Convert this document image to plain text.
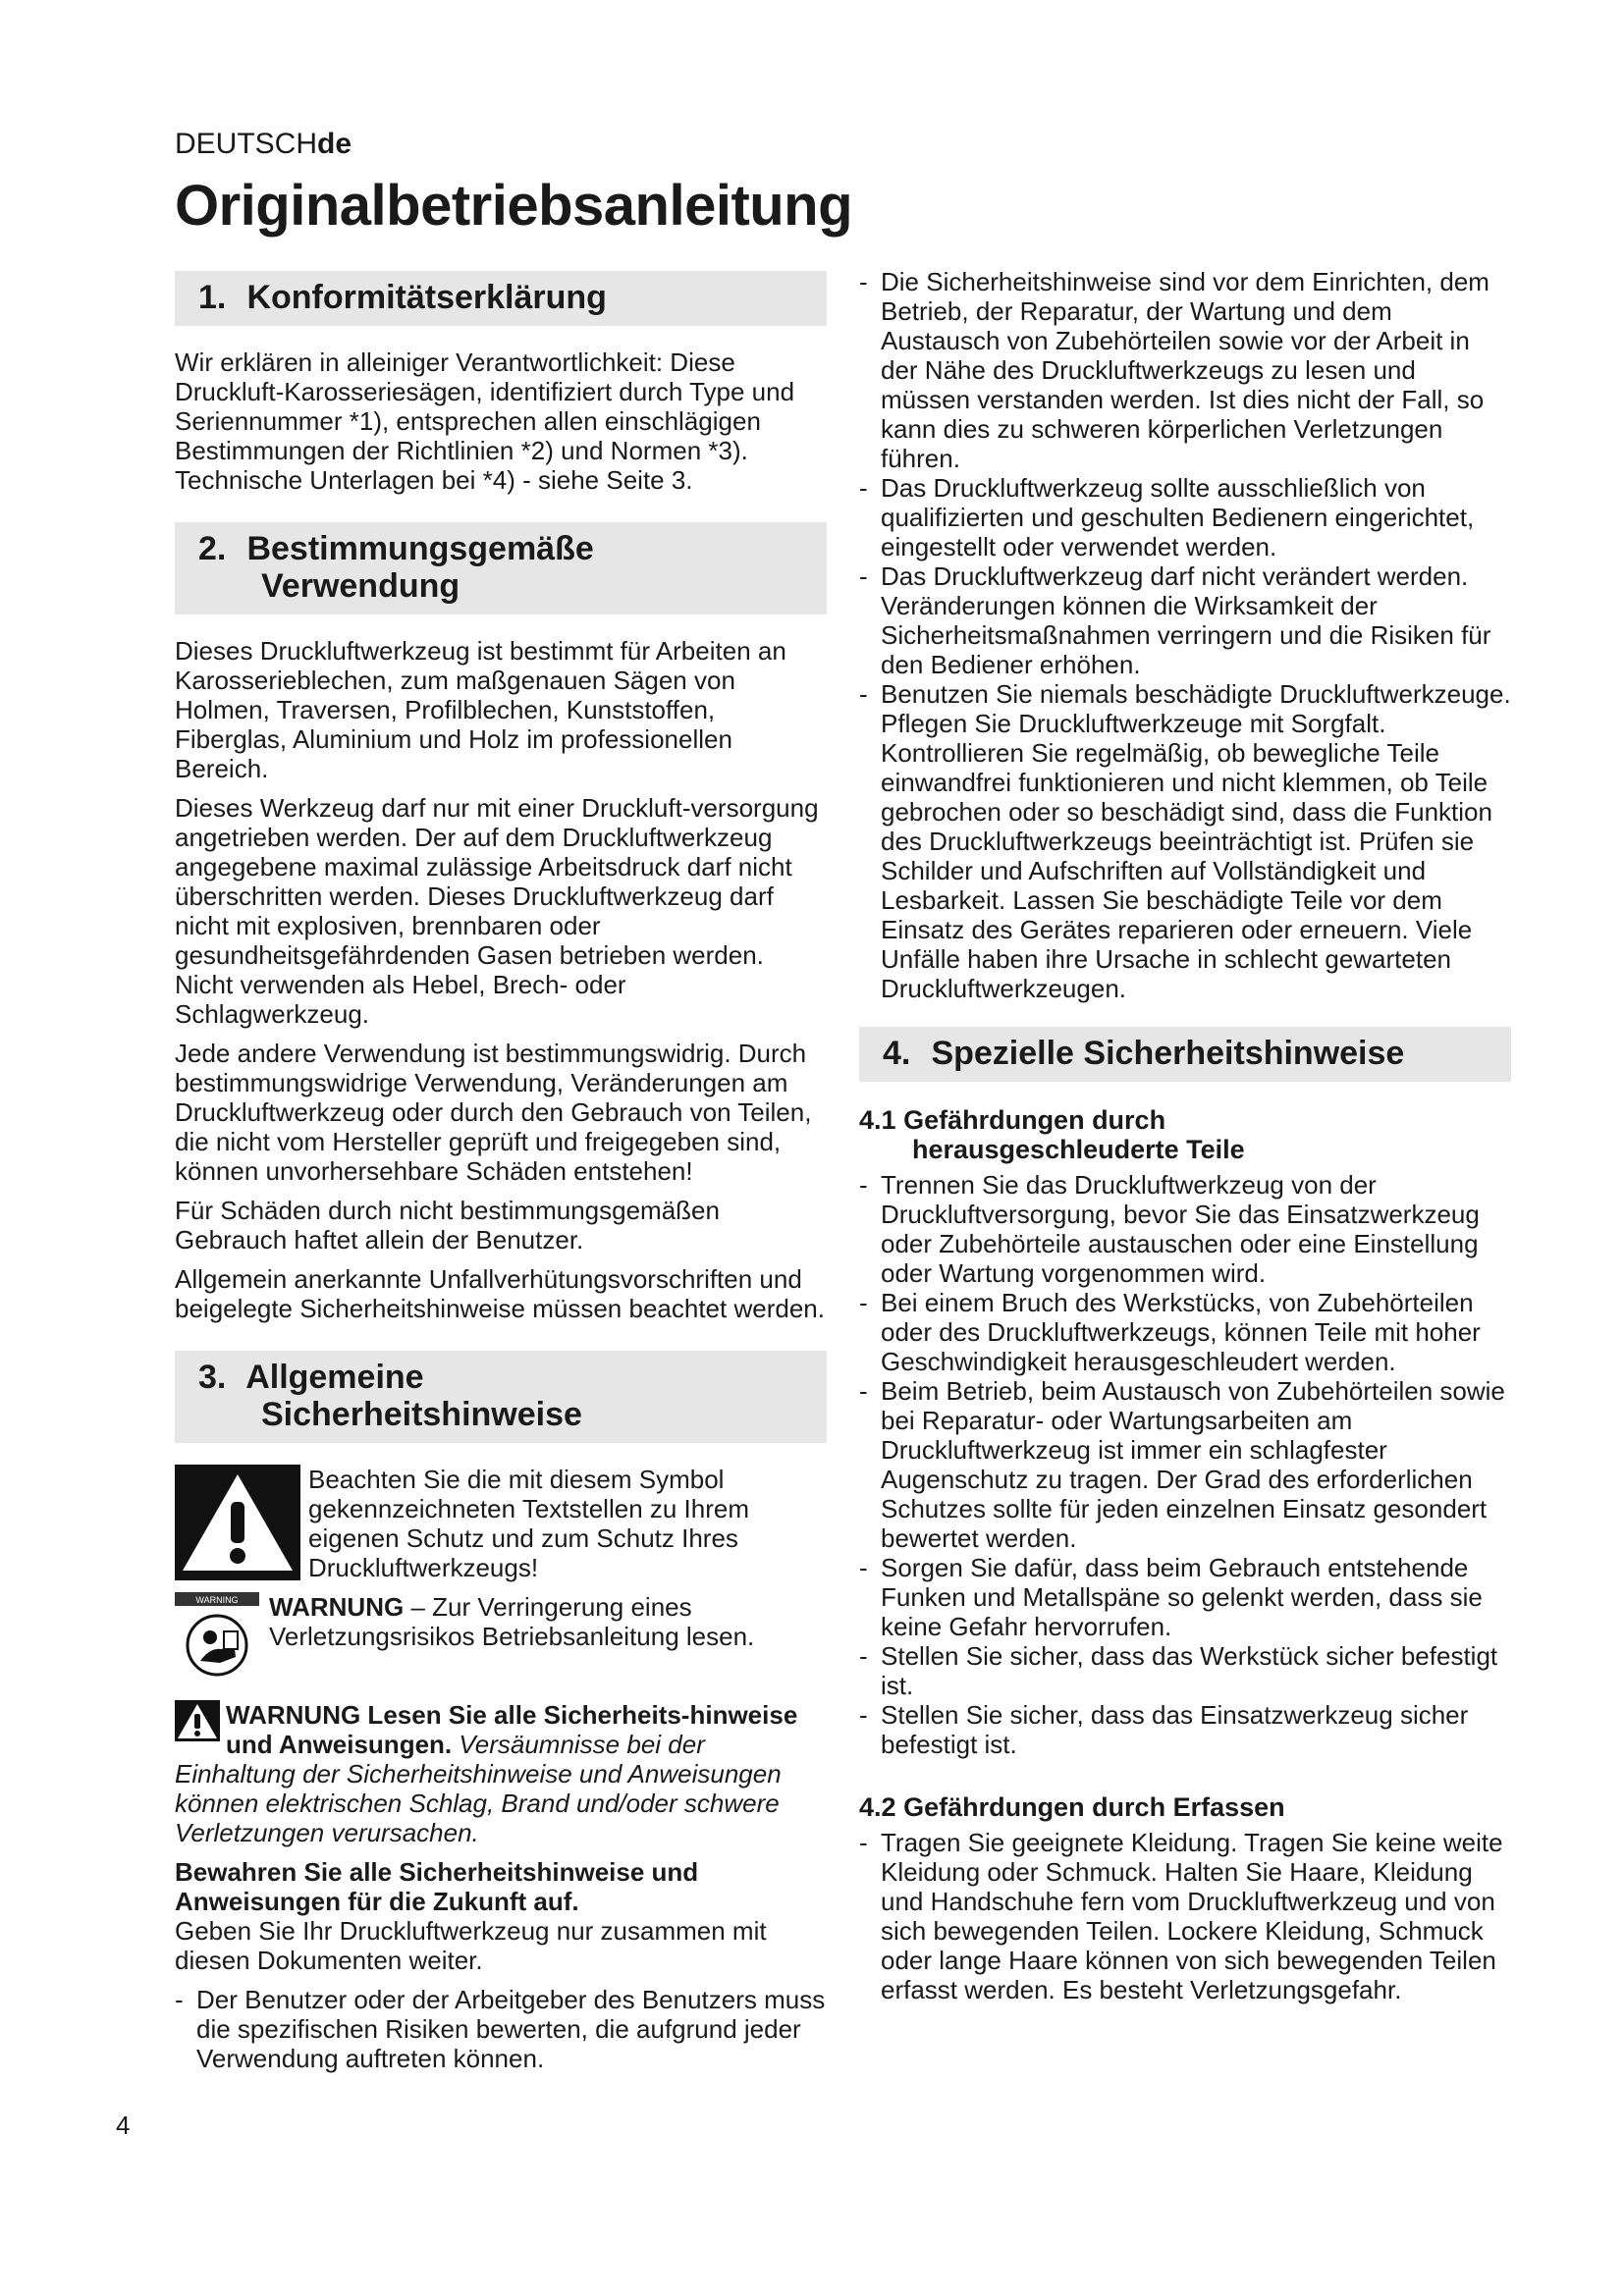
DEUTSCHde
Originalbetriebsanleitung
1. Konformitätserklärung

Wir erklären in alleiniger Verantwortlichkeit: Diese Druckluft-Karosseriesägen, identifiziert durch Type und Seriennummer *1), entsprechen allen einschlägigen Bestimmungen der Richtlinien *2) und Normen *3). Technische Unterlagen bei *4) - siehe Seite 3.

2. Bestimmungsgemäße
Verwendung

Dieses Druckluftwerkzeug ist bestimmt für Arbeiten an Karosserieblechen, zum maßgenauen Sägen von Holmen, Traversen, Profilblechen, Kunststoffen, Fiberglas, Aluminium und Holz im professionellen Bereich.

Dieses Werkzeug darf nur mit einer Druckluft-versorgung angetrieben werden. Der auf dem Druckluftwerkzeug angegebene maximal zulässige Arbeitsdruck darf nicht überschritten werden. Dieses Druckluftwerkzeug darf nicht mit explosiven, brennbaren oder gesundheitsgefährdenden Gasen betrieben werden. Nicht verwenden als Hebel, Brech- oder Schlagwerkzeug.

Jede andere Verwendung ist bestimmungswidrig. Durch bestimmungswidrige Verwendung, Veränderungen am Druckluftwerkzeug oder durch den Gebrauch von Teilen, die nicht vom Hersteller geprüft und freigegeben sind, können unvorhersehbare Schäden entstehen!

Für Schäden durch nicht bestimmungsgemäßen Gebrauch haftet allein der Benutzer.

Allgemein anerkannte Unfallverhütungsvorschriften und beigelegte Sicherheitshinweise müssen beachtet werden.

3. Allgemeine
Sicherheitshinweise
Beachten Sie die mit diesem Symbol gekennzeichneten Textstellen zu Ihrem eigenen Schutz und zum Schutz Ihres Druckluftwerkzeugs!
WARNING WARNUNG – Zur Verringerung eines Verletzungsrisikos Betriebsanleitung lesen.
WARNUNG Lesen Sie alle Sicherheits-hinweise und Anweisungen. Versäumnisse bei der Einhaltung der Sicherheitshinweise und Anweisungen können elektrischen Schlag, Brand und/oder schwere Verletzungen verursachen.

Bewahren Sie alle Sicherheitshinweise und Anweisungen für die Zukunft auf.

Geben Sie Ihr Druckluftwerkzeug nur zusammen mit diesen Dokumenten weiter.

- Der Benutzer oder der Arbeitgeber des Benutzers muss die spezifischen Risiken bewerten, die aufgrund jeder Verwendung auftreten können.
- Die Sicherheitshinweise sind vor dem Einrichten, dem Betrieb, der Reparatur, der Wartung und dem Austausch von Zubehörteilen sowie vor der Arbeit in der Nähe des Druckluftwerkzeugs zu lesen und müssen verstanden werden. Ist dies nicht der Fall, so kann dies zu schweren körperlichen Verletzungen führen.
- Das Druckluftwerkzeug sollte ausschließlich von qualifizierten und geschulten Bedienern eingerichtet, eingestellt oder verwendet werden.
- Das Druckluftwerkzeug darf nicht verändert werden. Veränderungen können die Wirksamkeit der Sicherheitsmaßnahmen verringern und die Risiken für den Bediener erhöhen.
- Benutzen Sie niemals beschädigte Druckluftwerkzeuge. Pflegen Sie Druckluftwerkzeuge mit Sorgfalt. Kontrollieren Sie regelmäßig, ob bewegliche Teile einwandfrei funktionieren und nicht klemmen, ob Teile gebrochen oder so beschädigt sind, dass die Funktion des Druckluftwerkzeugs beeinträchtigt ist. Prüfen sie Schilder und Aufschriften auf Vollständigkeit und Lesbarkeit. Lassen Sie beschädigte Teile vor dem Einsatz des Gerätes reparieren oder erneuern. Viele Unfälle haben ihre Ursache in schlecht gewarteten Druckluftwerkzeugen.
4. Spezielle Sicherheitshinweise
4.1 Gefährdungen durch
herausgeschleuderte Teile
- Trennen Sie das Druckluftwerkzeug von der Druckluftversorgung, bevor Sie das Einsatzwerkzeug oder Zubehörteile austauschen oder eine Einstellung oder Wartung vorgenommen wird.
- Bei einem Bruch des Werkstücks, von Zubehörteilen oder des Druckluftwerkzeugs, können Teile mit hoher Geschwindigkeit herausgeschleudert werden.
- Beim Betrieb, beim Austausch von Zubehörteilen sowie bei Reparatur- oder Wartungsarbeiten am Druckluftwerkzeug ist immer ein schlagfester Augenschutz zu tragen. Der Grad des erforderlichen Schutzes sollte für jeden einzelnen Einsatz gesondert bewertet werden.
- Sorgen Sie dafür, dass beim Gebrauch entstehende Funken und Metallspäne so gelenkt werden, dass sie keine Gefahr hervorrufen.
- Stellen Sie sicher, dass das Werkstück sicher befestigt ist.
- Stellen Sie sicher, dass das Einsatzwerkzeug sicher befestigt ist.
4.2 Gefährdungen durch Erfassen
- Tragen Sie geeignete Kleidung. Tragen Sie keine weite Kleidung oder Schmuck. Halten Sie Haare, Kleidung und Handschuhe fern vom Druckluftwerkzeug und von sich bewegenden Teilen. Lockere Kleidung, Schmuck oder lange Haare können von sich bewegenden Teilen erfasst werden. Es besteht Verletzungsgefahr.
4
